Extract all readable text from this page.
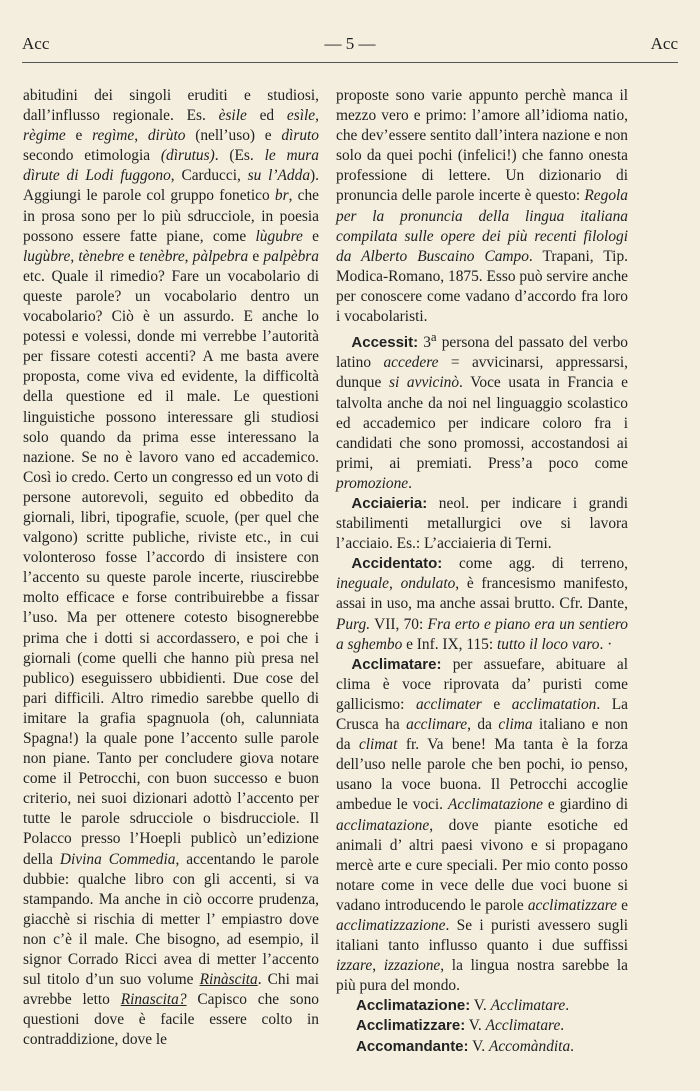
Acc	— 5 —	Acc

abitudini dei singoli eruditi e studiosi, dall’influsso regionale. Es. èsile ed esìle, règime e regìme, dirùto (nell’uso) e dìruto secondo etimologia (dìrutus). (Es. le mura dìrute di Lodi fuggono, Carducci, su l’Adda). Aggiungi le parole col gruppo fonetico br, che in prosa sono per lo più sdrucciole, in poesia possono essere fatte piane, come lùgubre e lugùbre, tènebre e tenèbre, pàlpebra e palpèbra etc. Quale il rimedio? Fare un vocabolario di queste parole? un vocabolario dentro un vocabolario? Ciò è un assurdo. E anche lo potessi e volessi, donde mi verrebbe l’autorità per fissare cotesti accenti? A me basta avere proposta, come viva ed evidente, la difficoltà della questione ed il male. Le questioni linguistiche possono interessare gli studiosi solo quando da prima esse interessano la nazione. Se no è lavoro vano ed accademico. Così io credo. Certo un congresso ed un voto di persone autorevoli, seguito ed obbedito da giornali, libri, tipografie, scuole, (per quel che valgono) scritte publiche, riviste etc., in cui volonteroso fosse l’accordo di insistere con l’accento su queste parole incerte, riuscirebbe molto efficace e forse contribuirebbe a fissar l’uso. Ma per ottenere cotesto bisognerebbe prima che i dotti si accordassero, e poi che i giornali (come quelli che hanno più presa nel publico) eseguissero ubbidienti. Due cose del pari difficili. Altro rimedio sarebbe quello di imitare la grafia spagnuola (oh, calunniata Spagna!) la quale pone l’accento sulle parole non piane. Tanto per concludere giova notare come il Petrocchi, con buon successo e buon criterio, nei suoi dizionari adottò l’accento per tutte le parole sdrucciole o bisdrucciole. Il Polacco presso l’Hoepli publicò un’edizione della Divina Commedia, accentando le parole dubbie: qualche libro con gli accenti, si va stampando. Ma anche in ciò occorre prudenza, giacchè si rischia di metter l’ empiastro dove non c’è il male. Che bisogno, ad esempio, il signor Corrado Ricci avea di metter l’accento sul titolo d’un suo volume Rinàscita. Chi mai avrebbe letto Rinascita? Capisco che sono questioni dove è facile essere colto in contraddizione, dove le

proposte sono varie appunto perchè manca il mezzo vero e primo: l’amore all’idioma natio, che dev’essere sentito dall’intera nazione e non solo da quei pochi (infelici!) che fanno onesta professione di lettere. Un dizionario di pronuncia delle parole incerte è questo: Regola per la pronuncia della lingua italiana compilata sulle opere dei più recenti filologi da Alberto Buscaino Campo. Trapani, Tip. Modica-Romano, 1875. Esso può servire anche per conoscere come vadano d’accordo fra loro i vocabolaristi.

 Accessit: 3$^a$ persona del passato del verbo latino accedere = avvicinarsi, appressarsi, dunque si avvicinò. Voce usata in Francia e talvolta anche da noi nel linguaggio scolastico ed accademico per indicare coloro fra i candidati che sono promossi, accostandosi ai primi, ai premiati. Press’a poco come promozione.

 Acciaieria: neol. per indicare i grandi stabilimenti metallurgici ove si lavora l’acciaio. Es.: L’acciaieria di Terni.

 Accidentato: come agg. di terreno, ineguale, ondulato, è francesismo manifesto, assai in uso, ma anche assai brutto. Cfr. Dante, Purg. VII, 70: Fra erto e piano era un sentiero a sghembo e Inf. IX, 115: tutto il loco varo. ·

 Acclimatare: per assuefare, abituare al clima è voce riprovata da’ puristi come gallicismo: acclimater e acclimatation. La Crusca ha acclimare, da clima italiano e non da climat fr. Va bene! Ma tanta è la forza dell’uso nelle parole che ben pochi, io penso, usano la voce buona. Il Petrocchi accoglie ambedue le voci. Acclimatazione e giardino di acclimatazione, dove piante esotiche ed animali d’ altri paesi vivono e si propagano mercè arte e cure speciali. Per mio conto posso notare come in vece delle due voci buone si vadano introducendo le parole acclimatizzare e acclimatizzazione. Se i puristi avessero sugli italiani tanto influsso quanto i due suffissi izzare, izzazione, la lingua nostra sarebbe la più pura del mondo.

Acclimatazione: V. Acclimatare.

Acclimatizzare: V. Acclimatare.

Accomandante: V. Accomàndita.
